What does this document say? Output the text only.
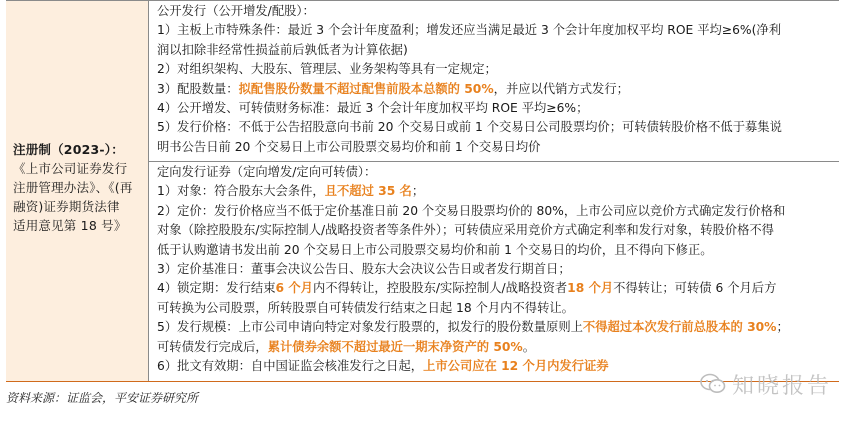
注册制（2023-）：
《上市公司证券发行
注册管理办法》、《(再
融资)证券期货法律
适用意见第 18 号》
公开发行（公开增发/配股）：
1）主板上市特殊条件：最近 3 个会计年度盈利；增发还应当满足最近 3 个会计年度加权平均 ROE 平均≥6%(净利
润以扣除非经常性损益前后孰低者为计算依据)
2）对组织架构、大股东、管理层、业务架构等具有一定规定；
3）配股数量：拟配售股份数量不超过配售前股本总额的 50%，并应以代销方式发行；
4）公开增发、可转债财务标准：最近 3 个会计年度加权平均 ROE 平均≥6%；
5）发行价格：不低于公告招股意向书前 20 个交易日或前 1 个交易日公司股票均价；可转债转股价格不低于募集说
明书公告日前 20 个交易日上市公司股票交易均价和前 1 个交易日均价
定向发行证券（定向增发/定向可转债）：
1）对象：符合股东大会条件，且不超过 35 名；
2）定价：发行价格应当不低于定价基准日前 20 个交易日股票均价的 80%，上市公司应以竞价方式确定发行价格和
对象（除控股股东/实际控制人/战略投资者等条件外）；可转债应采用竞价方式确定利率和发行对象，转股价格不得
低于认购邀请书发出前 20 个交易日上市公司股票交易均价和前 1 个交易日的均价，且不得向下修正。
3）定价基准日：董事会决议公告日、股东大会决议公告日或者发行期首日；
4）锁定期：发行结束6 个月内不得转让，控股股东/实际控制人/战略投资者18 个月不得转让；可转债 6 个月后方
可转换为公司股票，所转股票自可转债发行结束之日起 18 个月内不得转让。
5）发行规模：上市公司申请向特定对象发行股票的，拟发行的股份数量原则上不得超过本次发行前总股本的 30%；
可转债发行完成后，累计债券余额不超过最近一期末净资产的 50%。
6）批文有效期：自中国证监会核准发行之日起，上市公司应在 12 个月内发行证券
资料来源：证监会，平安证券研究所	知晓报告
